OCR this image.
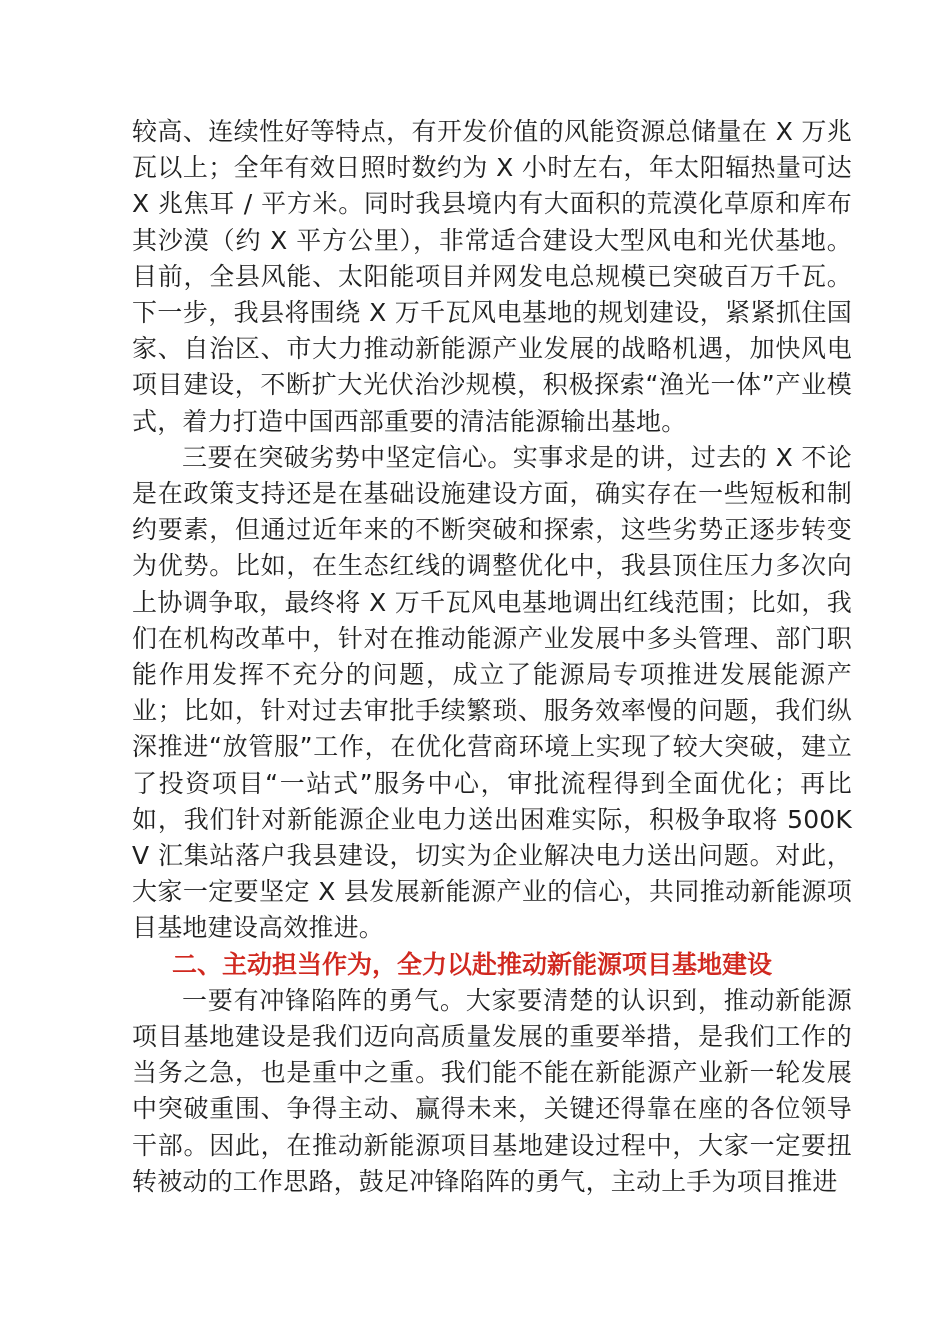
较高、连续性好等特点，有开发价值的风能资源总储量在 X 万兆瓦以上；全年有效日照时数约为 X 小时左右，年太阳辐热量可达 X 兆焦耳 / 平方米。同时我县境内有大面积的荒漠化草原和库布其沙漠（约 X 平方公里），非常适合建设大型风电和光伏基地。目前，全县风能、太阳能项目并网发电总规模已突破百万千瓦。下一步，我县将围绕 X 万千瓦风电基地的规划建设，紧紧抓住国家、自治区、市大力推动新能源产业发展的战略机遇，加快风电项目建设，不断扩大光伏治沙规模，积极探索“渔光一体”产业模式，着力打造中国西部重要的清洁能源输出基地。

三要在突破劣势中坚定信心。实事求是的讲，过去的 X 不论是在政策支持还是在基础设施建设方面，确实存在一些短板和制约要素，但通过近年来的不断突破和探索，这些劣势正逐步转变为优势。比如，在生态红线的调整优化中，我县顶住压力多次向上协调争取，最终将 X 万千瓦风电基地调出红线范围；比如，我们在机构改革中，针对在推动能源产业发展中多头管理、部门职能作用发挥不充分的问题，成立了能源局专项推进发展能源产业；比如，针对过去审批手续繁琐、服务效率慢的问题，我们纵深推进“放管服”工作，在优化营商环境上实现了较大突破，建立了投资项目“一站式”服务中心，审批流程得到全面优化；再比如，我们针对新能源企业电力送出困难实际，积极争取将 500KV 汇集站落户我县建设，切实为企业解决电力送出问题。对此，大家一定要坚定 X 县发展新能源产业的信心，共同推动新能源项目基地建设高效推进。

二、主动担当作为，全力以赴推动新能源项目基地建设

一要有冲锋陷阵的勇气。大家要清楚的认识到，推动新能源项目基地建设是我们迈向高质量发展的重要举措，是我们工作的当务之急，也是重中之重。我们能不能在新能源产业新一轮发展中突破重围、争得主动、赢得未来，关键还得靠在座的各位领导干部。因此，在推动新能源项目基地建设过程中，大家一定要扭转被动的工作思路，鼓足冲锋陷阵的勇气，主动上手为项目推进
